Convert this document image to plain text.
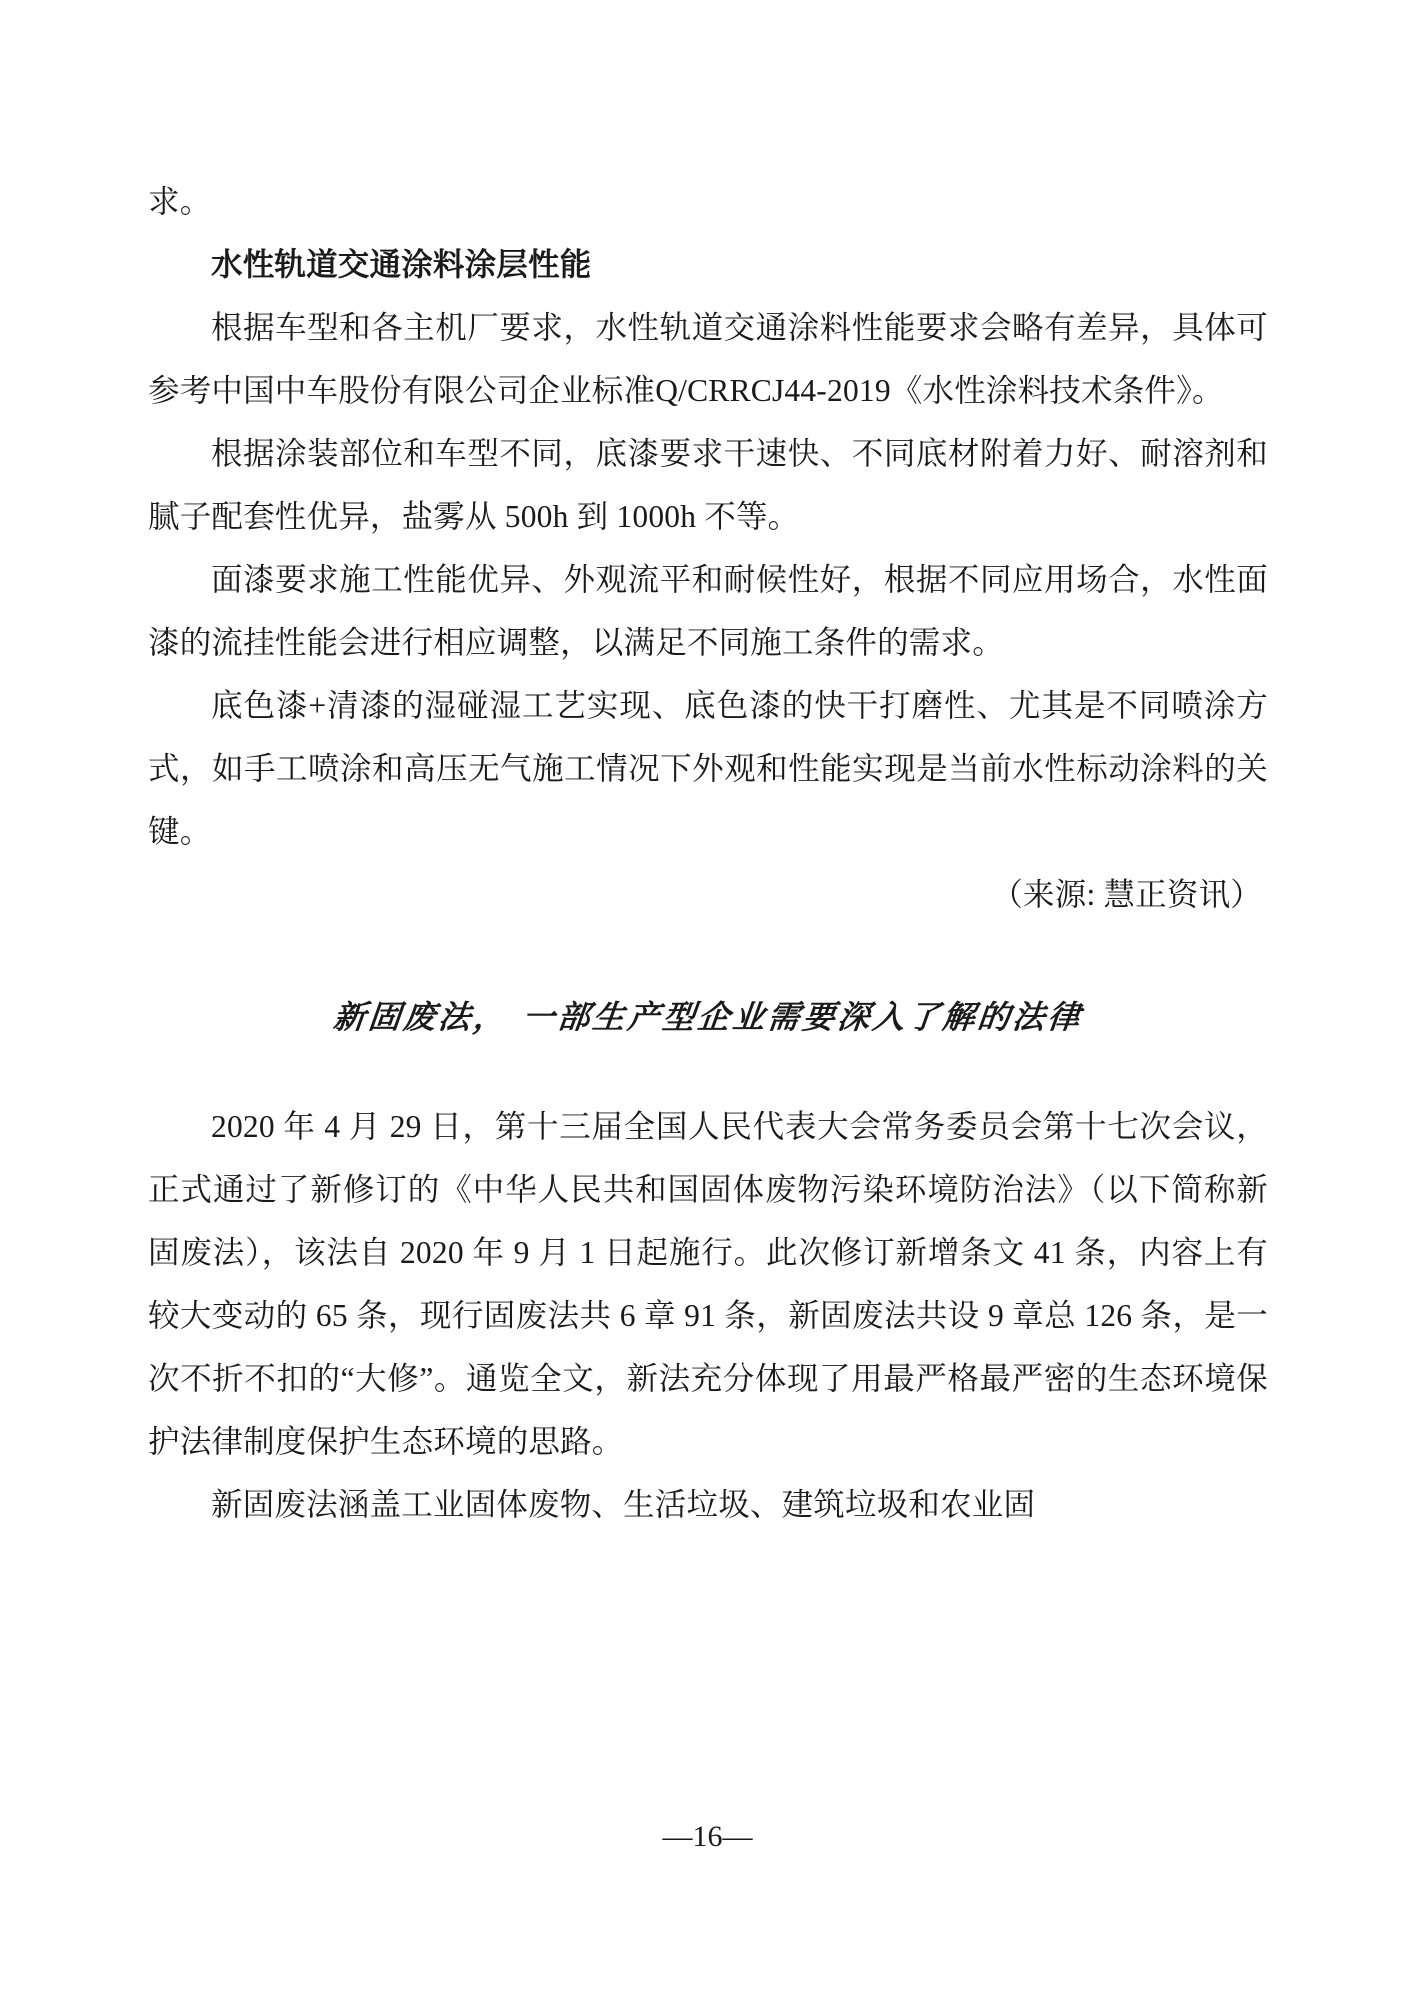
求。

水性轨道交通涂料涂层性能

根据车型和各主机厂要求，水性轨道交通涂料性能要求会略有差异，具体可参考中国中车股份有限公司企业标准Q/CRRCJ44-2019《水性涂料技术条件》。

根据涂装部位和车型不同，底漆要求干速快、不同底材附着力好、耐溶剂和腻子配套性优异，盐雾从 500h 到 1000h 不等。

面漆要求施工性能优异、外观流平和耐候性好，根据不同应用场合，水性面漆的流挂性能会进行相应调整，以满足不同施工条件的需求。

底色漆+清漆的湿碰湿工艺实现、底色漆的快干打磨性、尤其是不同喷涂方式，如手工喷涂和高压无气施工情况下外观和性能实现是当前水性标动涂料的关键。

（来源: 慧正资讯）

新固废法， 一部生产型企业需要深入了解的法律

2020 年 4 月 29 日，第十三届全国人民代表大会常务委员会第十七次会议，正式通过了新修订的《中华人民共和国固体废物污染环境防治法》（以下简称新固废法），该法自 2020 年 9 月 1 日起施行。此次修订新增条文 41 条，内容上有较大变动的 65 条，现行固废法共 6 章 91 条，新固废法共设 9 章总 126 条，是一次不折不扣的“大修”。通览全文，新法充分体现了用最严格最严密的生态环境保护法律制度保护生态环境的思路。

新固废法涵盖工业固体废物、生活垃圾、建筑垃圾和农业固

—16—
